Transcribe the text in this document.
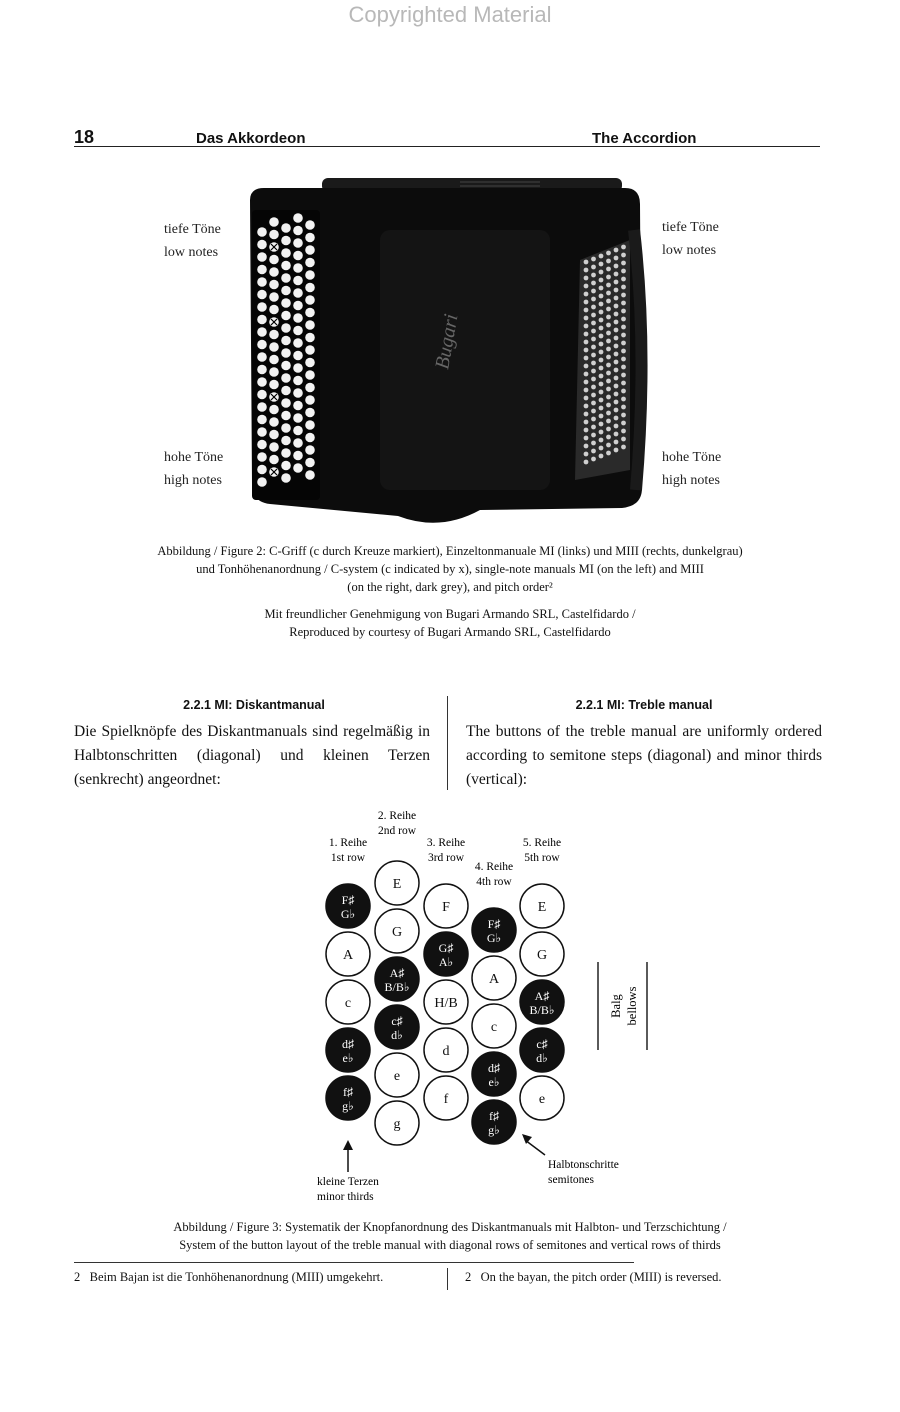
Copyrighted Material
18	Das Akkordeon	The Accordion
tiefe Töne
low notes
hohe Töne
high notes
tiefe Töne
low notes
hohe Töne
high notes
Bugari
Abbildung / Figure 2: C-Griff (c durch Kreuze markiert), Einzeltonmanuale MI (links) und MIII (rechts, dunkelgrau)
und Tonhöhenanordnung / C-system (c indicated by x), single-note manuals MI (on the left) and MIII
(on the right, dark grey), and pitch order²
Mit freundlicher Genehmigung von Bugari Armando SRL, Castelfidardo /
Reproduced by courtesy of Bugari Armando SRL, Castelfidardo
2.2.1 MI: Diskantmanual
Die Spielknöpfe des Diskantmanuals sind regelmäßig in Halbtonschritten (diagonal) und kleinen Terzen (senkrecht) angeordnet:
2.2.1 MI: Treble manual
The buttons of the treble manual are uniformly ordered according to semitone steps (diagonal) and minor thirds (vertical):
1. Reihe
1st row
2. Reihe
2nd row
3. Reihe
3rd row
4. Reihe
4th row
5. Reihe
5th row
F♯
G♭
A
c
d♯
e♭
f♯
g♭
E
G
A♯
B/B♭
c♯
d♭
e
g
F
G♯
A♭
H/B
d
f
F♯
G♭
A
c
d♯
e♭
f♯
g♭
E
G
A♯
B/B♭
c♯
d♭
e
Balg bellows
kleine Terzen
minor thirds
Halbtonschritte
semitones
Abbildung / Figure 3: Systematik der Knopfanordnung des Diskantmanuals mit Halbton- und Terzschichtung /
System of the button layout of the treble manual with diagonal rows of semitones and vertical rows of thirds
2   Beim Bajan ist die Tonhöhenanordnung (MIII) umgekehrt.	2   On the bayan, the pitch order (MIII) is reversed.
